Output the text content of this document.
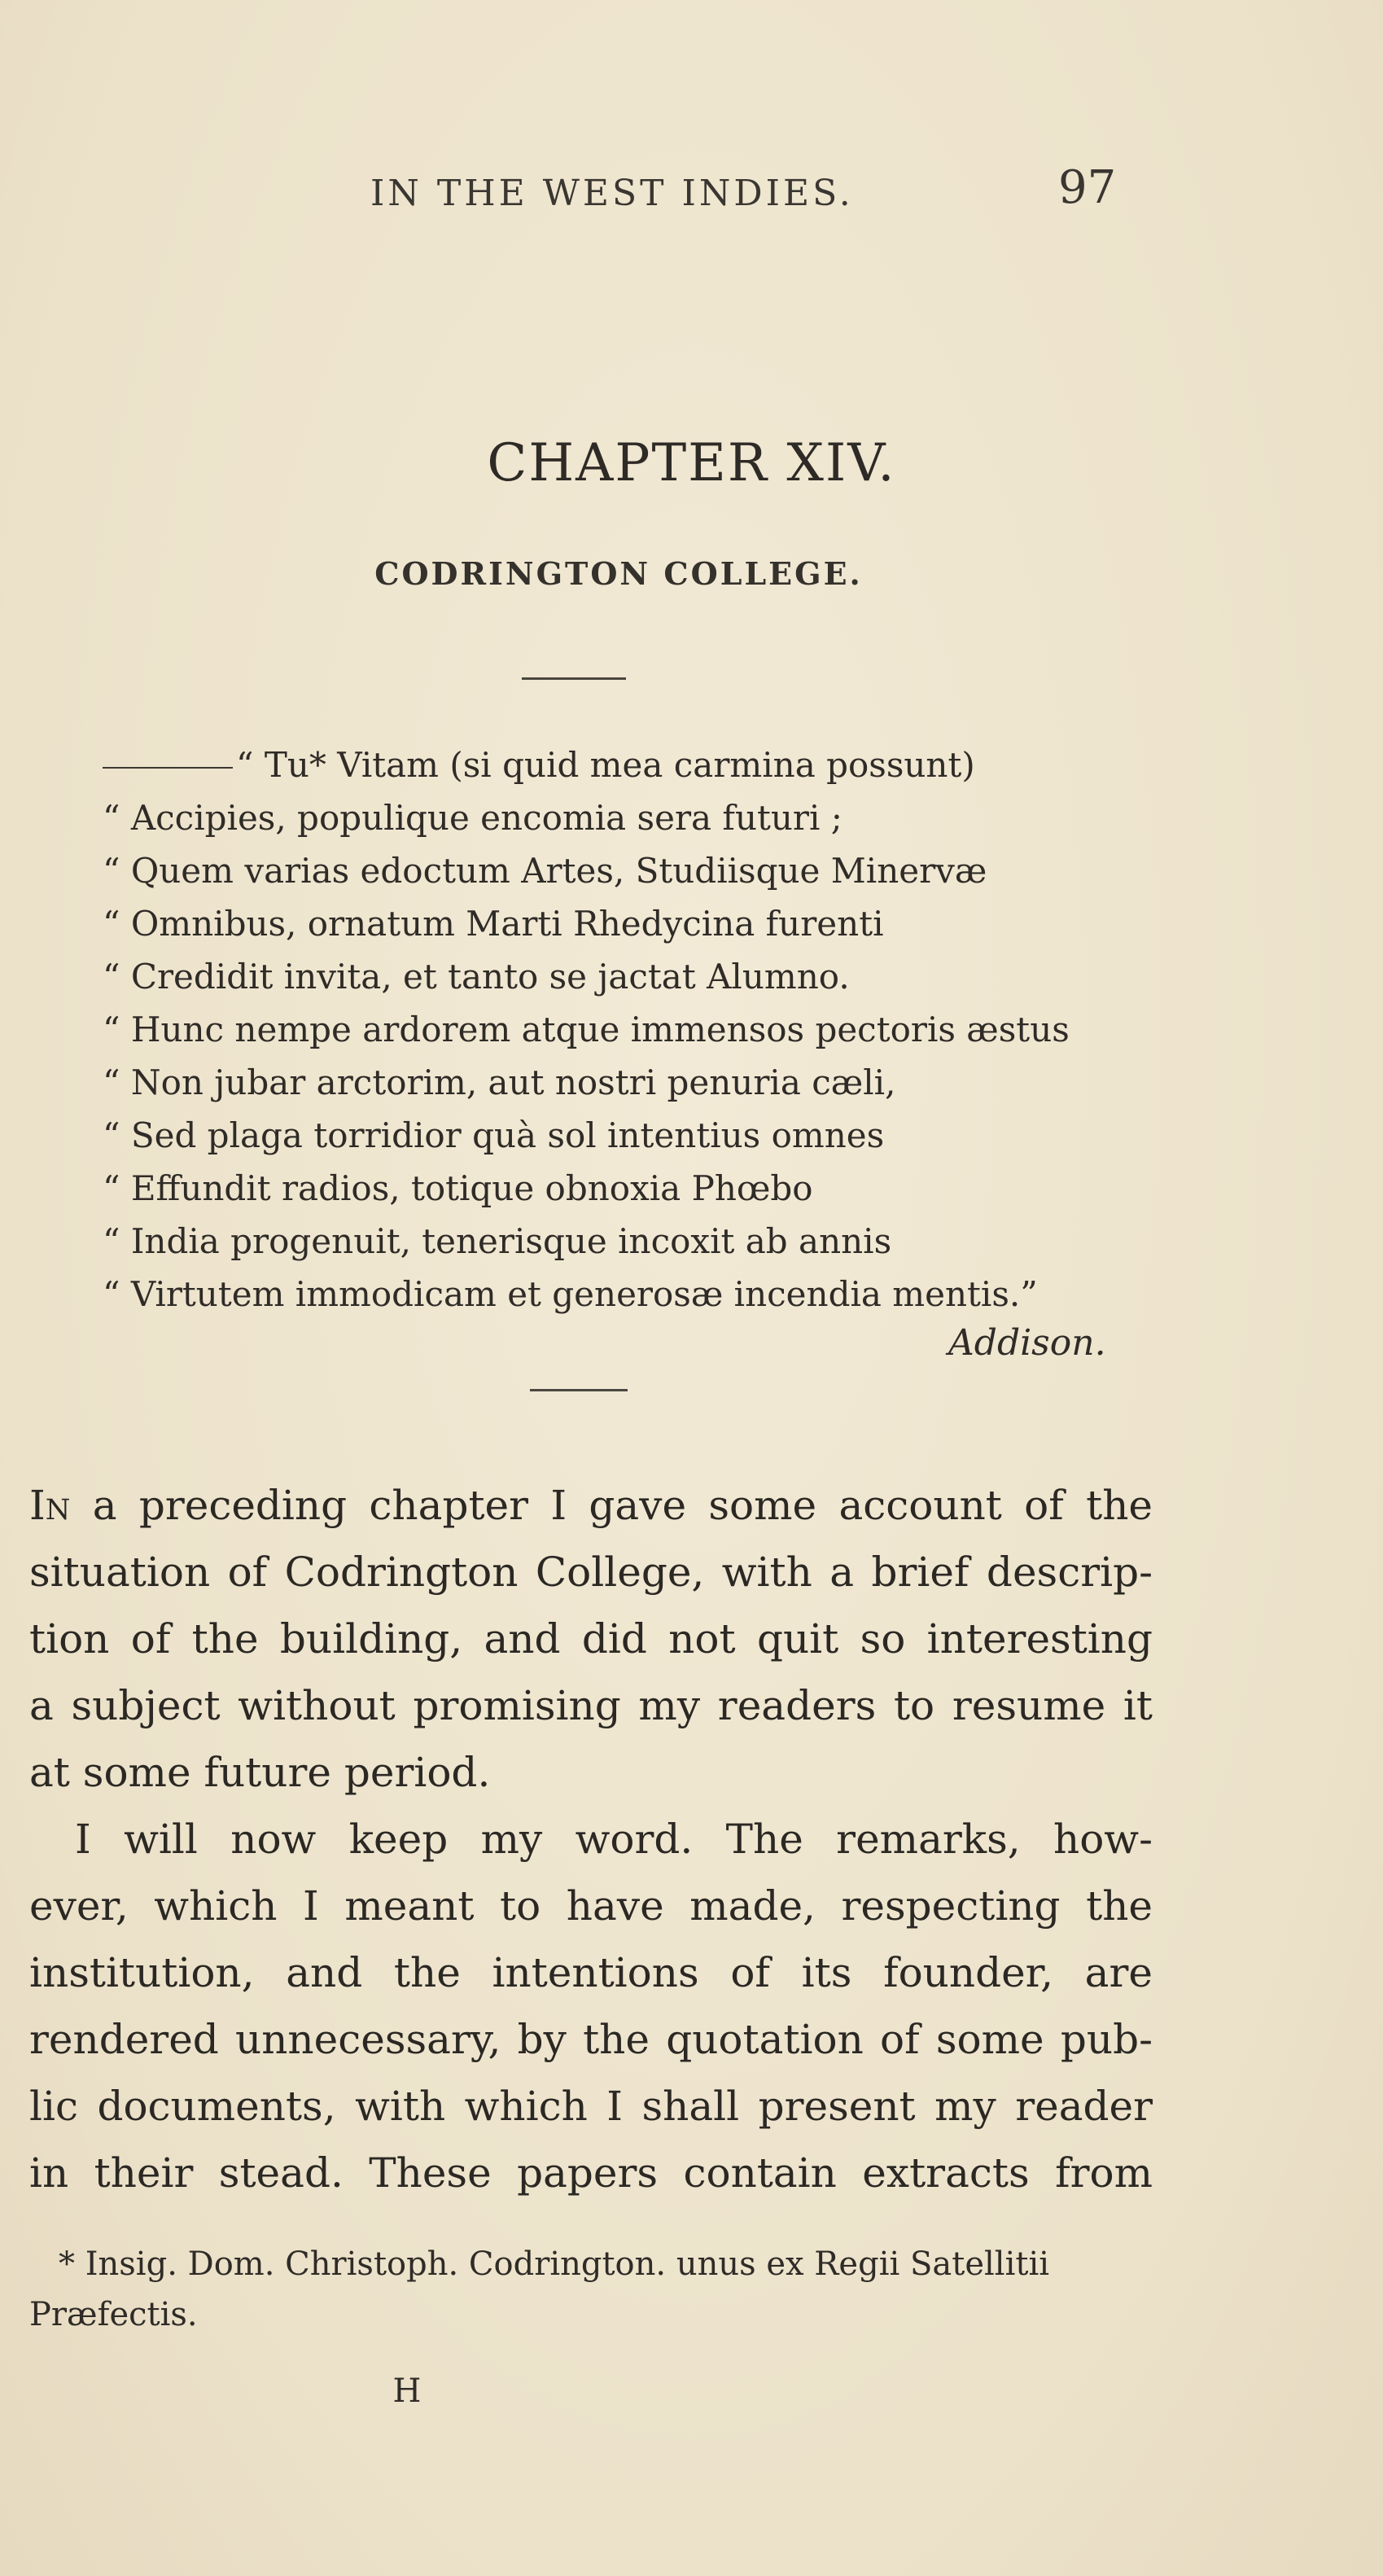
IN THE WEST INDIES.	97
CHAPTER XIV.
CODRINGTON COLLEGE.
“ Tu* Vitam (si quid mea carmina possunt)
“ Accipies, populique encomia sera futuri ;
“ Quem varias edoctum Artes, Studiisque Minervæ
“ Omnibus, ornatum Marti Rhedycina furenti
“ Credidit invita, et tanto se jactat Alumno.
“ Hunc nempe ardorem atque immensos pectoris æstus
“ Non jubar arctorim, aut nostri penuria cæli,
“ Sed plaga torridior quà sol intentius omnes
“ Effundit radios, totique obnoxia Phœbo
“ India progenuit, tenerisque incoxit ab annis
“ Virtutem immodicam et generosæ incendia mentis.”
Addison.
In a preceding chapter I gave some account of the
situation of Codrington College, with a brief descrip-
tion of the building, and did not quit so interesting
a subject without promising my readers to resume it
at some future period.
I will now keep my word. The remarks, how-
ever, which I meant to have made, respecting the
institution, and the intentions of its founder, are
rendered unnecessary, by the quotation of some pub-
lic documents, with which I shall present my reader
in their stead. These papers contain extracts from
* Insig. Dom. Christoph. Codrington. unus ex Regii Satellitii
Præfectis.
H
